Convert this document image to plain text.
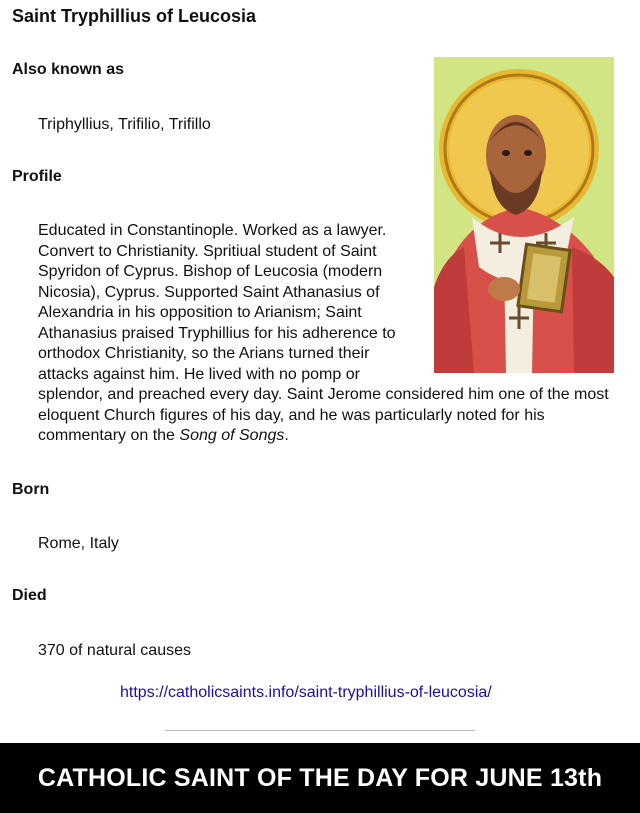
Saint Tryphillius of Leucosia
Also known as
Triphyllius, Trifilio, Trifillo
Profile
Educated in Constantinople. Worked as a lawyer. Convert to Christianity. Spritiual student of Saint Spyridon of Cyprus. Bishop of Leucosia (modern Nicosia), Cyprus. Supported Saint Athanasius of Alexandria in his opposition to Arianism; Saint Athanasius praised Tryphillius for his adherence to orthodox Christianity, so the Arians turned their attacks against him. He lived with no pomp or splendor, and preached every day. Saint Jerome considered him one of the most eloquent Church figures of his day, and he was particularly noted for his commentary on the Song of Songs.
Born
Rome, Italy
Died
370 of natural causes
https://catholicsaints.info/saint-tryphillius-of-leucosia/
CATHOLIC SAINT OF THE DAY FOR JUNE 13th
